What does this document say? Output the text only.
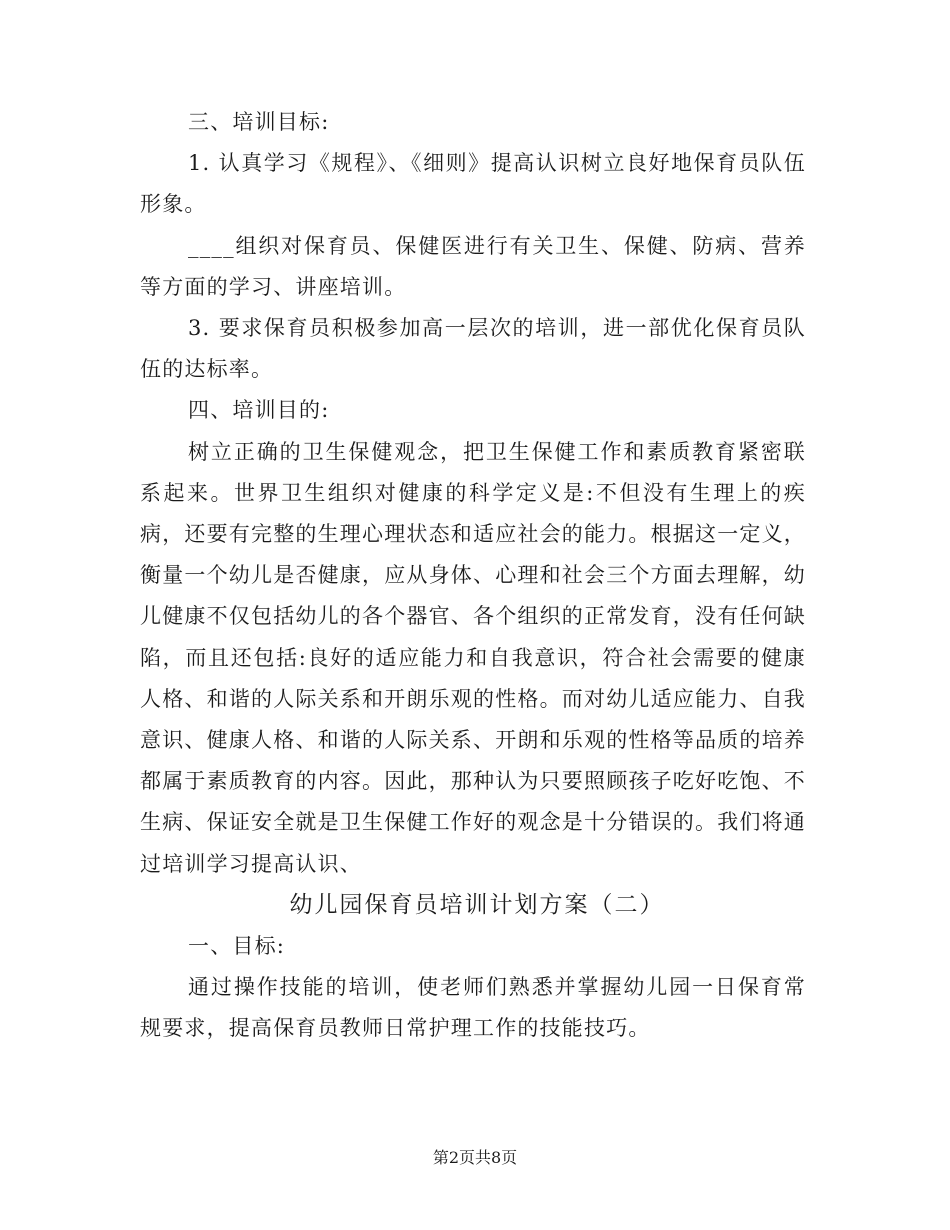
三、培训目标:

1. 认真学习《规程》、《细则》提高认识树立良好地保育员队伍形象。

____组织对保育员、保健医进行有关卫生、保健、防病、营养等方面的学习、讲座培训。

3. 要求保育员积极参加高一层次的培训，进一部优化保育员队伍的达标率。

四、培训目的:

树立正确的卫生保健观念，把卫生保健工作和素质教育紧密联系起来。世界卫生组织对健康的科学定义是:不但没有生理上的疾病，还要有完整的生理心理状态和适应社会的能力。根据这一定义，衡量一个幼儿是否健康，应从身体、心理和社会三个方面去理解，幼儿健康不仅包括幼儿的各个器官、各个组织的正常发育，没有任何缺陷，而且还包括:良好的适应能力和自我意识，符合社会需要的健康人格、和谐的人际关系和开朗乐观的性格。而对幼儿适应能力、自我意识、健康人格、和谐的人际关系、开朗和乐观的性格等品质的培养都属于素质教育的内容。因此，那种认为只要照顾孩子吃好吃饱、不生病、保证安全就是卫生保健工作好的观念是十分错误的。我们将通过培训学习提高认识、

幼儿园保育员培训计划方案（二）

一、目标:

通过操作技能的培训，使老师们熟悉并掌握幼儿园一日保育常规要求，提高保育员教师日常护理工作的技能技巧。

第2页共8页
